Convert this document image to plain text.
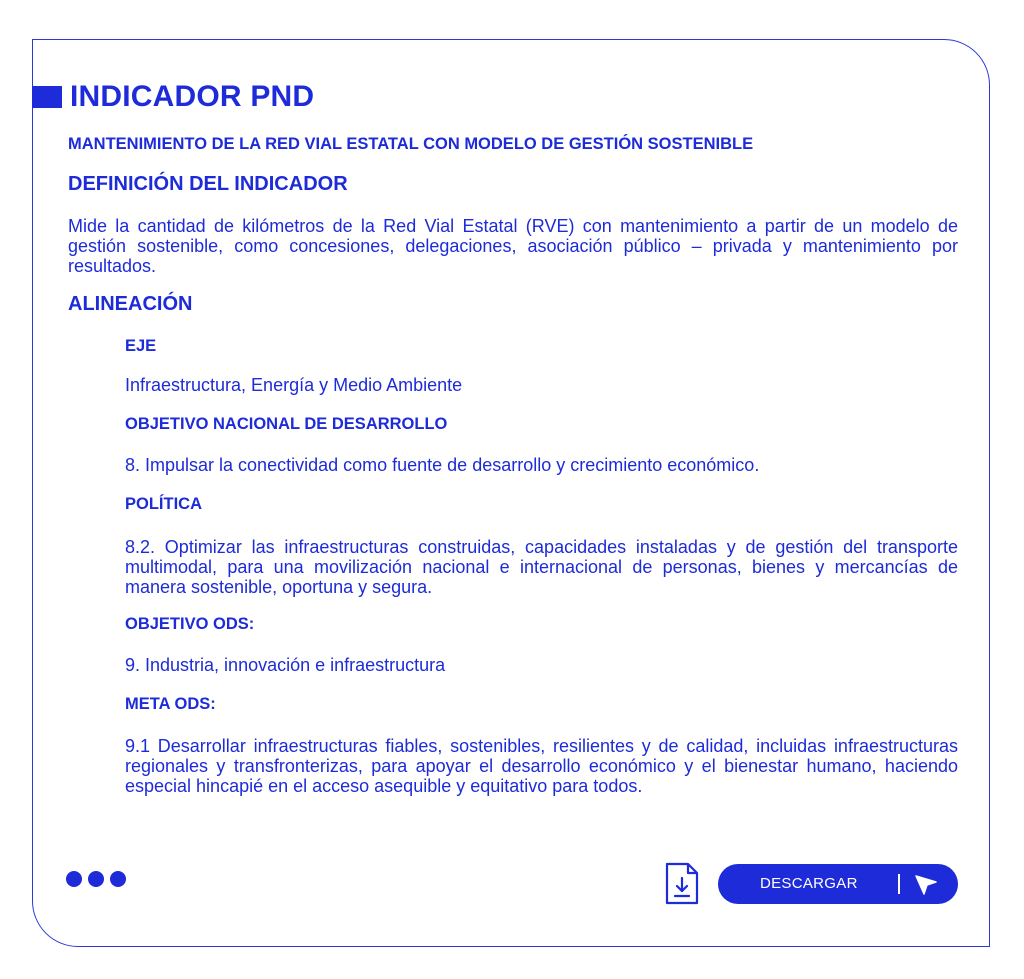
INDICADOR PND
MANTENIMIENTO DE LA RED VIAL ESTATAL CON MODELO DE GESTIÓN SOSTENIBLE
DEFINICIÓN DEL INDICADOR
Mide la cantidad de kilómetros de la Red Vial Estatal (RVE) con mantenimiento a partir de un modelo de gestión sostenible, como concesiones, delegaciones, asociación público – privada y mantenimiento por resultados.
ALINEACIÓN
EJE
Infraestructura, Energía y Medio Ambiente
OBJETIVO NACIONAL DE DESARROLLO
8. Impulsar la conectividad como fuente de desarrollo y crecimiento económico.
POLÍTICA
8.2. Optimizar las infraestructuras construidas, capacidades instaladas y de gestión del transporte multimodal, para una movilización nacional e internacional de personas, bienes y mercancías de manera sostenible, oportuna y segura.
OBJETIVO ODS:
9. Industria, innovación e infraestructura
META ODS:
9.1 Desarrollar infraestructuras fiables, sostenibles, resilientes y de calidad, incluidas infraestructuras regionales y transfronterizas, para apoyar el desarrollo económico y el bienestar humano, haciendo especial hincapié en el acceso asequible y equitativo para todos.
DESCARGAR
